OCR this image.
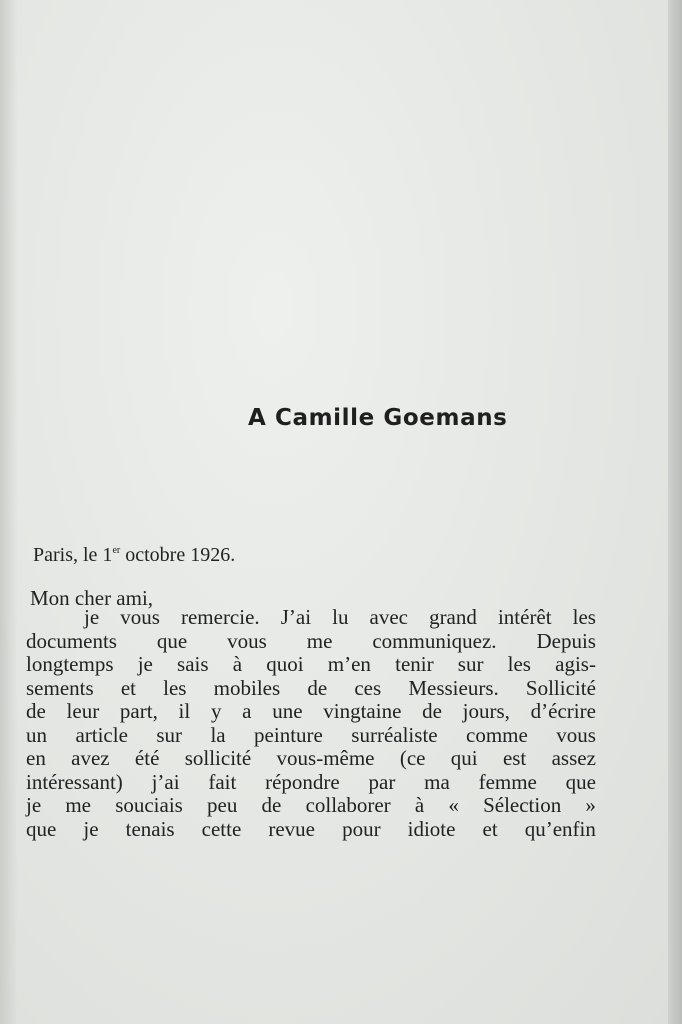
A Camille Goemans
Paris, le 1er octobre 1926.
Mon cher ami,
je vous remercie. J’ai lu avec grand intérêt les
documents que vous me communiquez. Depuis
longtemps je sais à quoi m’en tenir sur les agis-
sements et les mobiles de ces Messieurs. Sollicité
de leur part, il y a une vingtaine de jours, d’écrire
un article sur la peinture surréaliste comme vous
en avez été sollicité vous-même (ce qui est assez
intéressant) j’ai fait répondre par ma femme que
je me souciais peu de collaborer à « Sélection »
que je tenais cette revue pour idiote et qu’enfin
